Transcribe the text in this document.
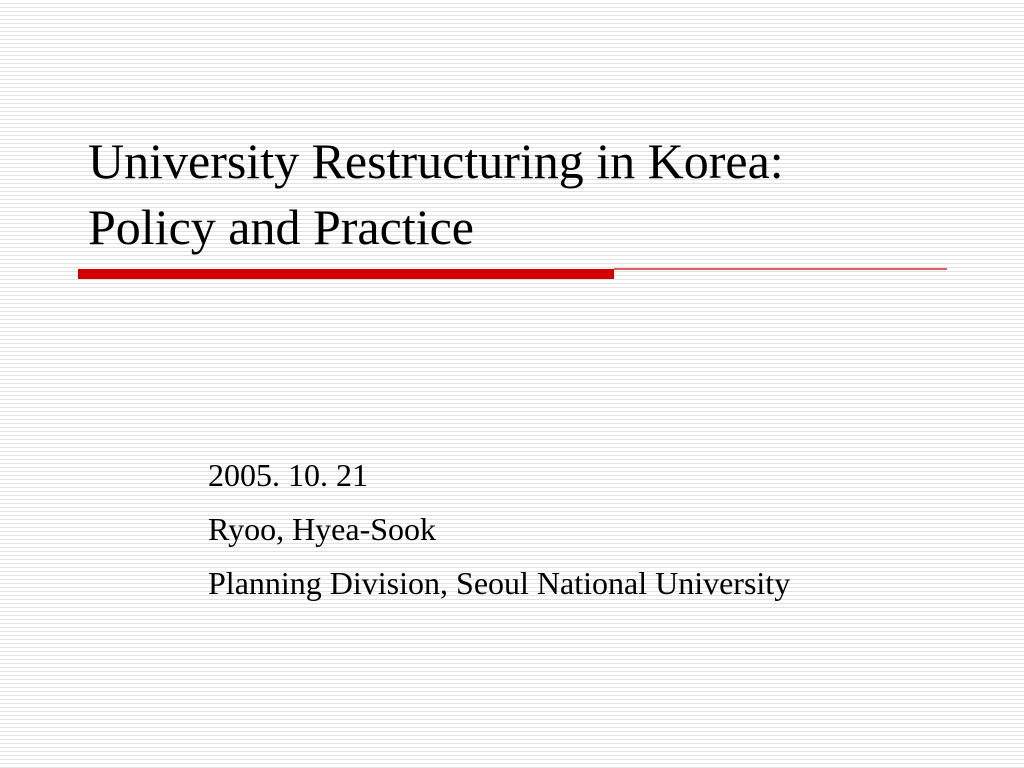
University Restructuring in Korea:
Policy and Practice
2005. 10. 21
Ryoo, Hyea-Sook
Planning Division, Seoul National University
